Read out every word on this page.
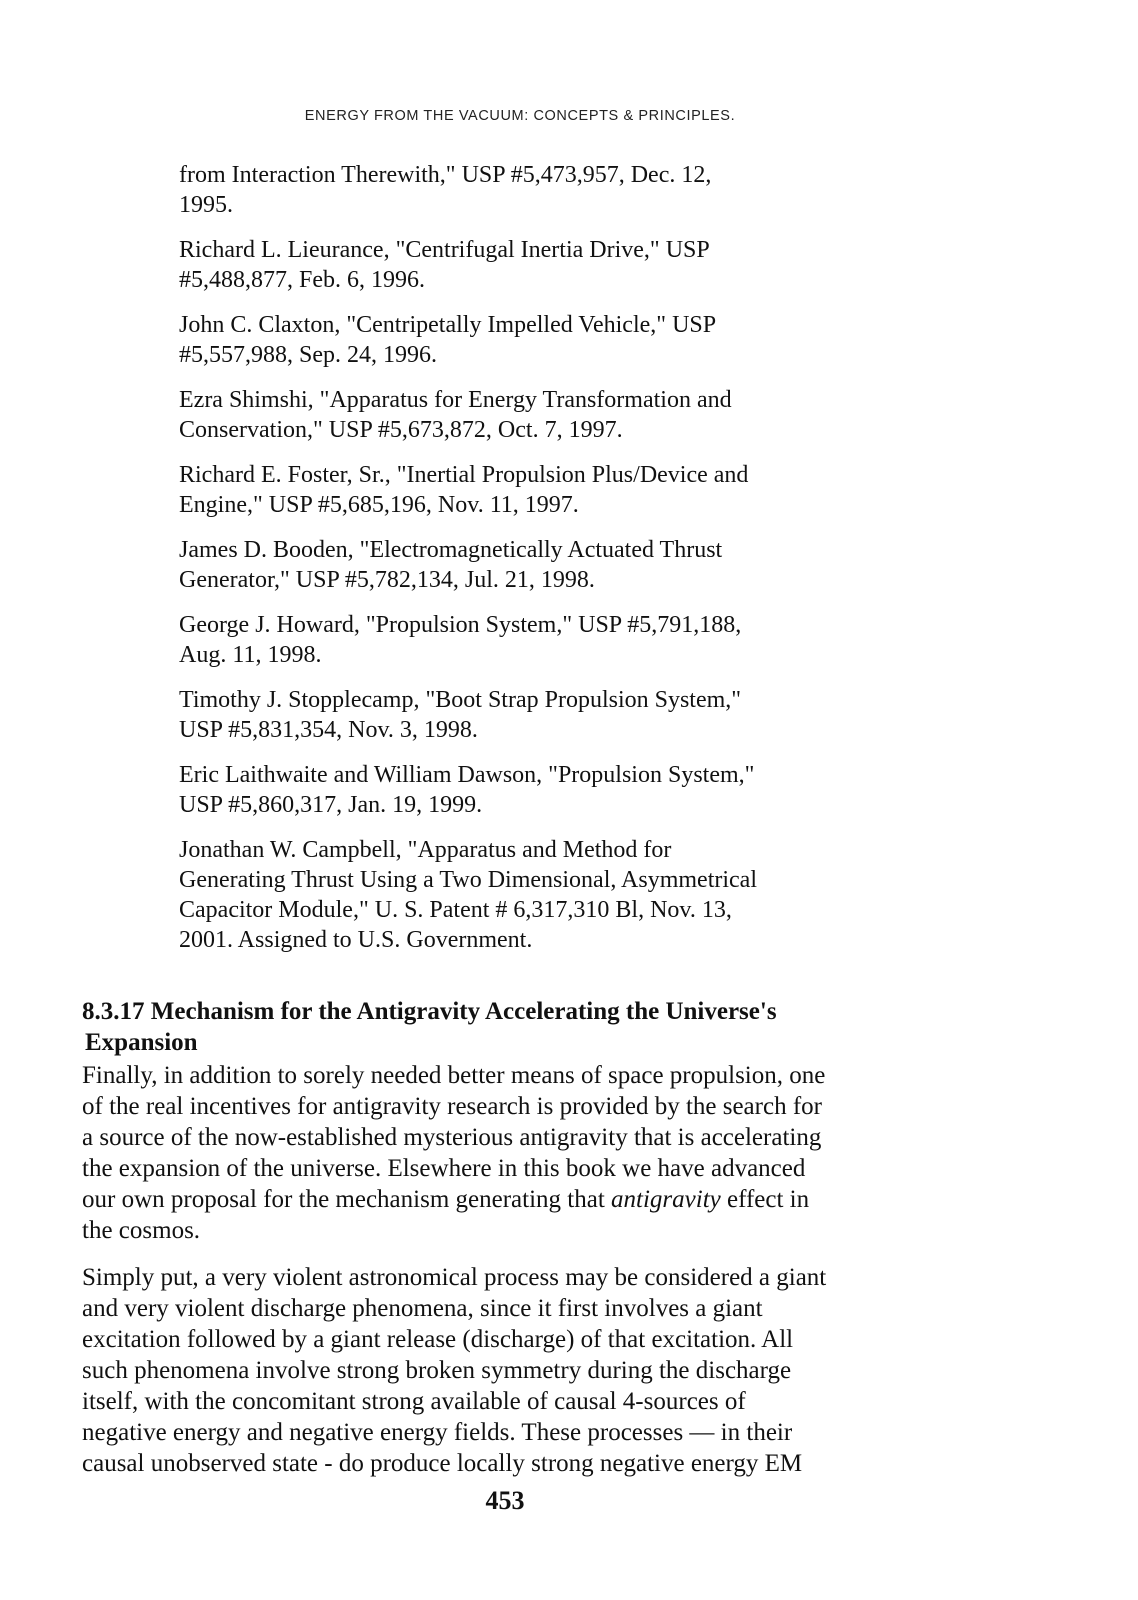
ENERGY FROM THE VACUUM: CONCEPTS & PRINCIPLES.
from Interaction Therewith," USP #5,473,957, Dec. 12,
1995.
Richard L. Lieurance, "Centrifugal Inertia Drive," USP
#5,488,877, Feb. 6, 1996.
John C. Claxton, "Centripetally Impelled Vehicle," USP
#5,557,988, Sep. 24, 1996.
Ezra Shimshi, "Apparatus for Energy Transformation and
Conservation," USP #5,673,872, Oct. 7, 1997.
Richard E. Foster, Sr., "Inertial Propulsion Plus/Device and
Engine," USP #5,685,196, Nov. 11, 1997.
James D. Booden, "Electromagnetically Actuated Thrust
Generator," USP #5,782,134, Jul. 21, 1998.
George J. Howard, "Propulsion System," USP #5,791,188,
Aug. 11, 1998.
Timothy J. Stopplecamp, "Boot Strap Propulsion System,"
USP #5,831,354, Nov. 3, 1998.
Eric Laithwaite and William Dawson, "Propulsion System,"
USP #5,860,317, Jan. 19, 1999.
Jonathan W. Campbell, "Apparatus and Method for
Generating Thrust Using a Two Dimensional, Asymmetrical
Capacitor Module," U. S. Patent # 6,317,310 Bl, Nov. 13,
2001. Assigned to U.S. Government.
8.3.17 Mechanism for the Antigravity Accelerating the Universe's
Expansion

Finally, in addition to sorely needed better means of space propulsion, one
of the real incentives for antigravity research is provided by the search for
a source of the now-established mysterious antigravity that is accelerating
the expansion of the universe. Elsewhere in this book we have advanced
our own proposal for the mechanism generating that antigravity effect in
the cosmos.

Simply put, a very violent astronomical process may be considered a giant
and very violent discharge phenomena, since it first involves a giant
excitation followed by a giant release (discharge) of that excitation. All
such phenomena involve strong broken symmetry during the discharge
itself, with the concomitant strong available of causal 4-sources of
negative energy and negative energy fields. These processes — in their
causal unobserved state - do produce locally strong negative energy EM

453
